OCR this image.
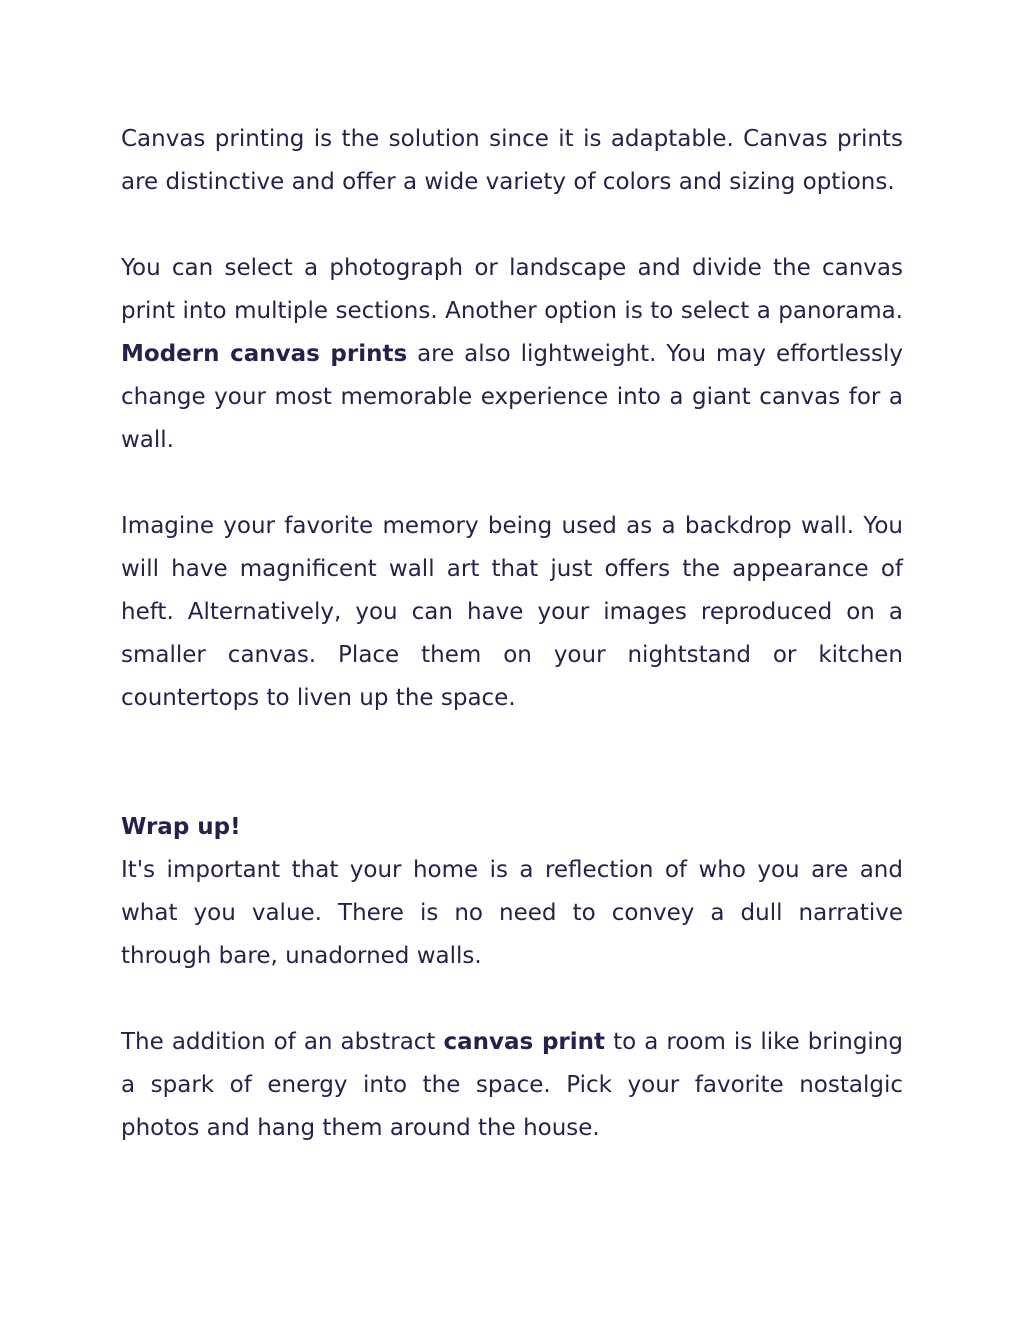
Canvas printing is the solution since it is adaptable. Canvas prints are distinctive and offer a wide variety of colors and sizing options.

You can select a photograph or landscape and divide the canvas print into multiple sections. Another option is to select a panorama. Modern canvas prints are also lightweight. You may effortlessly change your most memorable experience into a giant canvas for a wall.

Imagine your favorite memory being used as a backdrop wall. You will have magnificent wall art that just offers the appearance of heft. Alternatively, you can have your images reproduced on a smaller canvas. Place them on your nightstand or kitchen countertops to liven up the space.

Wrap up!

It's important that your home is a reflection of who you are and what you value. There is no need to convey a dull narrative through bare, unadorned walls.

The addition of an abstract canvas print to a room is like bringing a spark of energy into the space. Pick your favorite nostalgic photos and hang them around the house.
